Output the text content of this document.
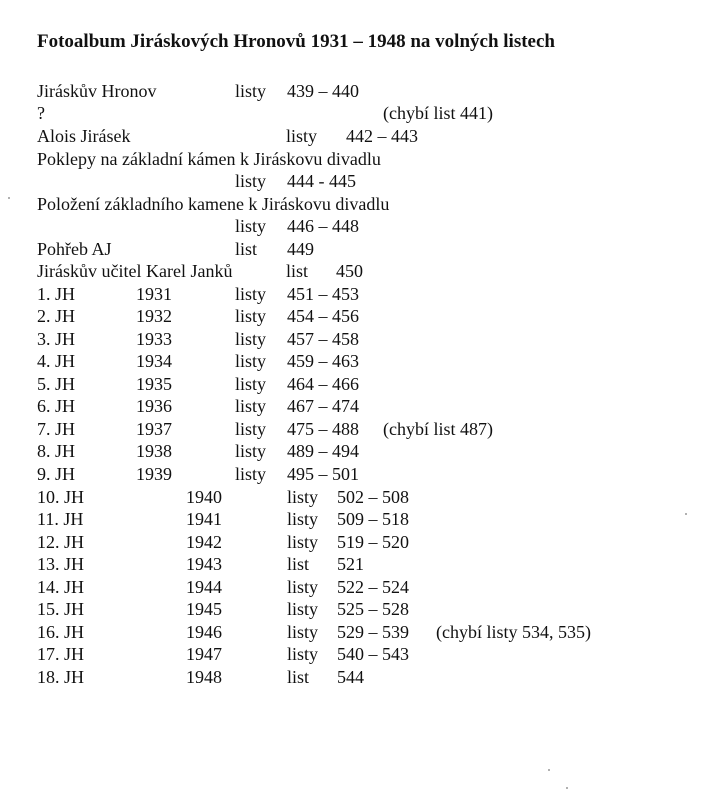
Fotoalbum Jiráskových Hronovů 1931 – 1948 na volných listech
Jiráskův Hronov	listy 439 – 440
?	(chybí list 441)
Alois Jirásek	listy 442 – 443
Poklepy na základní kámen k Jiráskovu divadlu
listy 444 - 445
Položení základního kamene k Jiráskovu divadlu
listy 446 – 448
Pohřeb AJ	list 449
Jiráskův učitel Karel Janků	list 450
1. JH	1931	listy 451 – 453
2. JH	1932	listy 454 – 456
3. JH	1933	listy 457 – 458
4. JH	1934	listy 459 – 463
5. JH	1935	listy 464 – 466
6. JH	1936	listy 467 – 474
7. JH	1937	listy 475 – 488 (chybí list 487)
8. JH	1938	listy 489 – 494
9. JH	1939	listy 495 – 501
10. JH	1940	listy 502 – 508
11. JH	1941	listy 509 – 518
12. JH	1942	listy 519 – 520
13. JH	1943	list 521
14. JH	1944	listy 522 – 524
15. JH	1945	listy 525 – 528
16. JH	1946	listy 529 – 539 (chybí listy 534, 535)
17. JH	1947	listy 540 – 543
18. JH	1948	list 544
